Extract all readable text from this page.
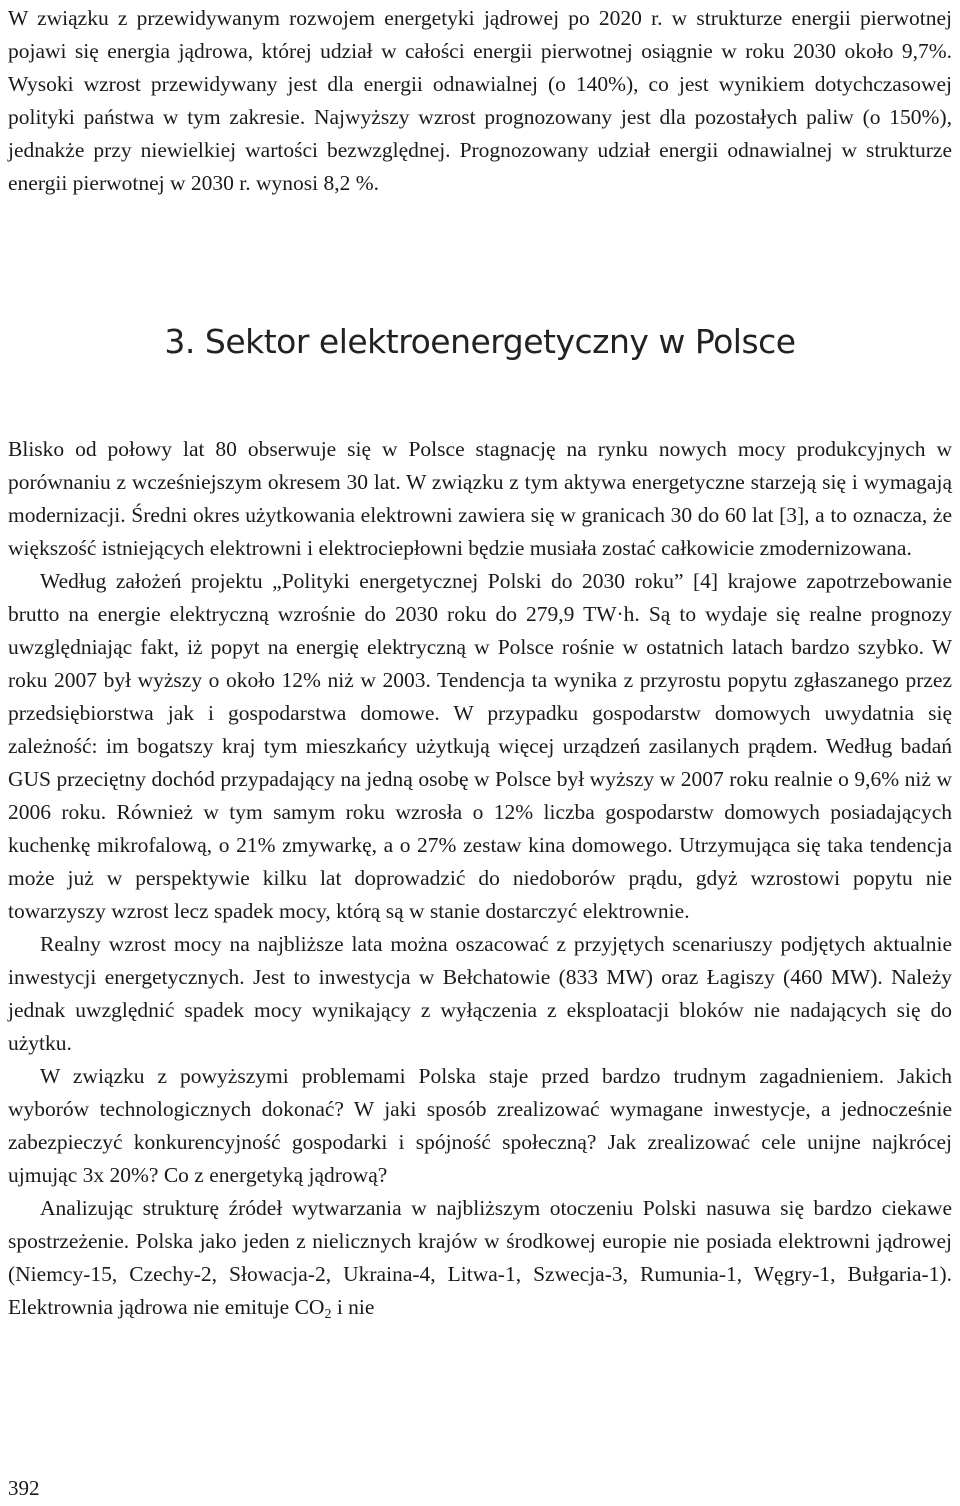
W związku z przewidywanym rozwojem energetyki jądrowej po 2020 r. w strukturze energii pierwotnej pojawi się energia jądrowa, której udział w całości energii pierwotnej osiągnie w roku 2030 około 9,7%. Wysoki wzrost przewidywany jest dla energii odnawialnej (o 140%), co jest wynikiem dotychczasowej polityki państwa w tym zakresie. Najwyższy wzrost prognozowany jest dla pozostałych paliw (o 150%), jednakże przy niewielkiej wartości bezwzględnej. Prognozowany udział energii odnawialnej w strukturze energii pierwotnej w 2030 r. wynosi 8,2 %.

3. Sektor elektroenergetyczny w Polsce

Blisko od połowy lat 80 obserwuje się w Polsce stagnację na rynku nowych mocy produkcyjnych w porównaniu z wcześniejszym okresem 30 lat. W związku z tym aktywa energetyczne starzeją się i wymagają modernizacji. Średni okres użytkowania elektrowni zawiera się w granicach 30 do 60 lat [3], a to oznacza, że większość istniejących elektrowni i elektrociepłowni będzie musiała zostać całkowicie zmodernizowana.

Według założeń projektu „Polityki energetycznej Polski do 2030 roku” [4] krajowe zapotrzebowanie brutto na energie elektryczną wzrośnie do 2030 roku do 279,9 TW·h. Są to wydaje się realne prognozy uwzględniając fakt, iż popyt na energię elektryczną w Polsce rośnie w ostatnich latach bardzo szybko. W roku 2007 był wyższy o około 12% niż w 2003. Tendencja ta wynika z przyrostu popytu zgłaszanego przez przedsiębiorstwa jak i gospodarstwa domowe. W przypadku gospodarstw domowych uwydatnia się zależność: im bogatszy kraj tym mieszkańcy użytkują więcej urządzeń zasilanych prądem. Według badań GUS przeciętny dochód przypadający na jedną osobę w Polsce był wyższy w 2007 roku realnie o 9,6% niż w 2006 roku. Również w tym samym roku wzrosła o 12% liczba gospodarstw domowych posiadających kuchenkę mikrofalową, o 21% zmywarkę, a o 27% zestaw kina domowego. Utrzymująca się taka tendencja może już w perspektywie kilku lat doprowadzić do niedoborów prądu, gdyż wzrostowi popytu nie towarzyszy wzrost lecz spadek mocy, którą są w stanie dostarczyć elektrownie.

Realny wzrost mocy na najbliższe lata można oszacować z przyjętych scenariuszy podjętych aktualnie inwestycji energetycznych. Jest to inwestycja w Bełchatowie (833 MW) oraz Łagiszy (460 MW). Należy jednak uwzględnić spadek mocy wynikający z wyłączenia z eksploatacji bloków nie nadających się do użytku.

W związku z powyższymi problemami Polska staje przed bardzo trudnym zagadnieniem. Jakich wyborów technologicznych dokonać? W jaki sposób zrealizować wymagane inwestycje, a jednocześnie zabezpieczyć konkurencyjność gospodarki i spójność społeczną? Jak zrealizować cele unijne najkrócej ujmując 3x 20%? Co z energetyką jądrową?

Analizując strukturę źródeł wytwarzania w najbliższym otoczeniu Polski nasuwa się bardzo ciekawe spostrzeżenie. Polska jako jeden z nielicznych krajów w środkowej europie nie posiada elektrowni jądrowej (Niemcy-15, Czechy-2, Słowacja-2, Ukraina-4, Litwa-1, Szwecja-3, Rumunia-1, Węgry-1, Bułgaria-1). Elektrownia jądrowa nie emituje $CO_2$ i nie

392
